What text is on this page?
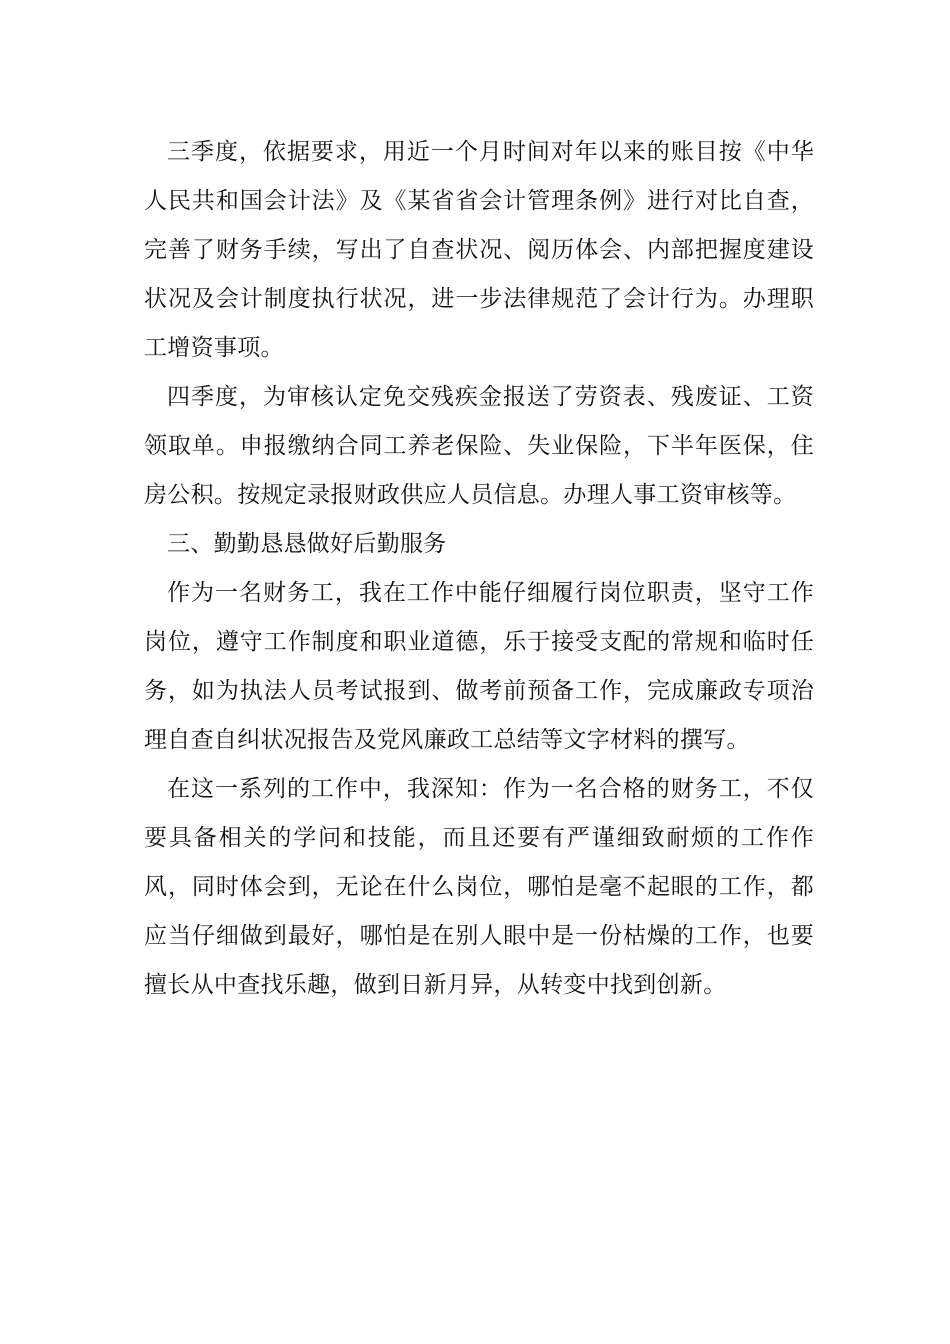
三季度，依据要求，用近一个月时间对年以来的账目按《中华人民共和国会计法》及《某省省会计管理条例》进行对比自查，完善了财务手续，写出了自查状况、阅历体会、内部把握度建设状况及会计制度执行状况，进一步法律规范了会计行为。办理职工增资事项。

四季度，为审核认定免交残疾金报送了劳资表、残废证、工资领取单。申报缴纳合同工养老保险、失业保险，下半年医保，住房公积。按规定录报财政供应人员信息。办理人事工资审核等。

三、勤勤恳恳做好后勤服务

作为一名财务工，我在工作中能仔细履行岗位职责，坚守工作岗位，遵守工作制度和职业道德，乐于接受支配的常规和临时任务，如为执法人员考试报到、做考前预备工作，完成廉政专项治理自查自纠状况报告及党风廉政工总结等文字材料的撰写。

在这一系列的工作中，我深知：作为一名合格的财务工，不仅要具备相关的学问和技能，而且还要有严谨细致耐烦的工作作风，同时体会到，无论在什么岗位，哪怕是毫不起眼的工作，都应当仔细做到最好，哪怕是在别人眼中是一份枯燥的工作，也要擅长从中查找乐趣，做到日新月异，从转变中找到创新。
